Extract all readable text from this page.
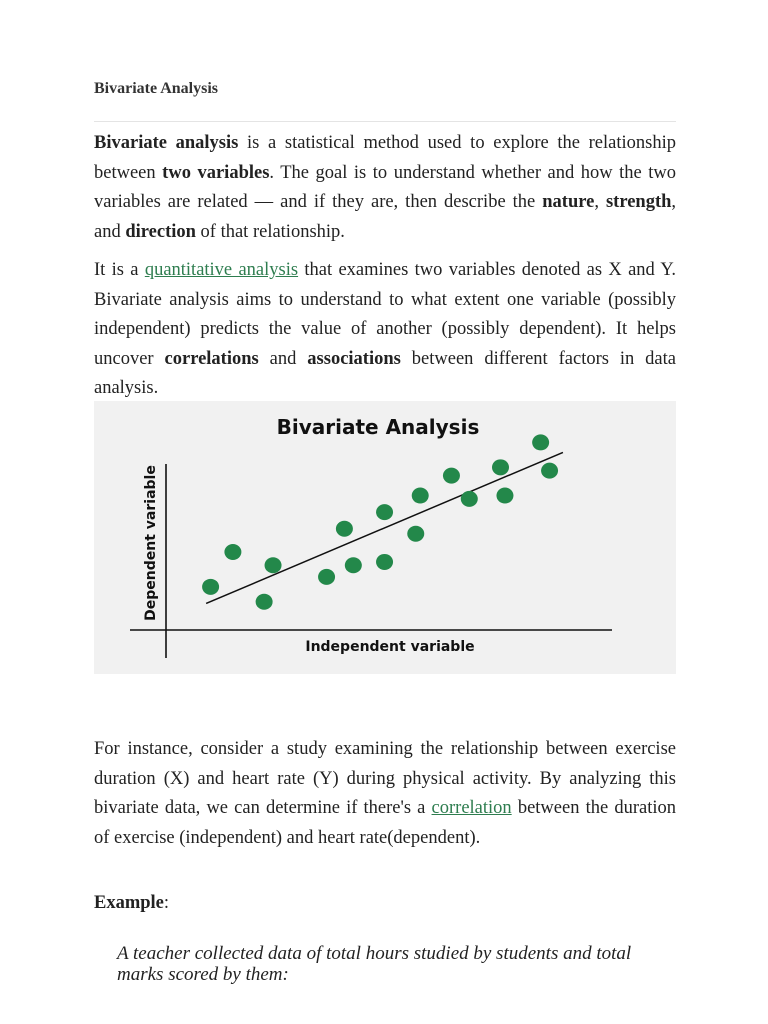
Bivariate Analysis

Bivariate analysis is a statistical method used to explore the relationship between two variables. The goal is to understand whether and how the two variables are related — and if they are, then describe the nature, strength, and direction of that relationship.

It is a quantitative analysis that examines two variables denoted as X and Y. Bivariate analysis aims to understand to what extent one variable (possibly independent) predicts the value of another (possibly dependent). It helps uncover correlations and associations between different factors in data analysis.

Bivariate Analysis
Independent variable
Dependent variable

For instance, consider a study examining the relationship between exercise duration (X) and heart rate (Y) during physical activity. By analyzing this bivariate data, we can determine if there's a correlation between the duration of exercise (independent) and heart rate(dependent).

Example:
A teacher collected data of total hours studied by students and total marks scored by them:
